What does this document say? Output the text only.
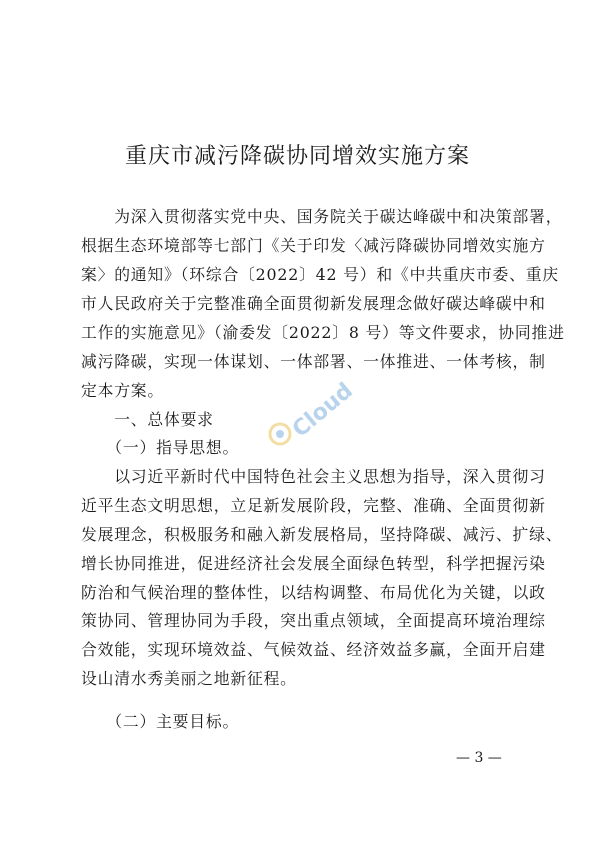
重庆市减污降碳协同增效实施方案
　　为深入贯彻落实党中央、国务院关于碳达峰碳中和决策部署，
根据生态环境部等七部门《关于印发〈减污降碳协同增效实施方
案〉的通知》（环综合〔2022〕42 号）和《中共重庆市委、重庆
市人民政府关于完整准确全面贯彻新发展理念做好碳达峰碳中和
工作的实施意见》（渝委发〔2022〕8 号）等文件要求，协同推进
减污降碳，实现一体谋划、一体部署、一体推进、一体考核，制
定本方案。
　　一、总体要求
　　（一）指导思想。
　　以习近平新时代中国特色社会主义思想为指导，深入贯彻习
近平生态文明思想，立足新发展阶段，完整、准确、全面贯彻新
发展理念，积极服务和融入新发展格局，坚持降碳、减污、扩绿、
增长协同推进，促进经济社会发展全面绿色转型，科学把握污染
防治和气候治理的整体性，以结构调整、布局优化为关键，以政
策协同、管理协同为手段，突出重点领域，全面提高环境治理综
合效能，实现环境效益、气候效益、经济效益多赢，全面开启建
设山清水秀美丽之地新征程。
　　（二）主要目标。
Cloud
— 3 —
